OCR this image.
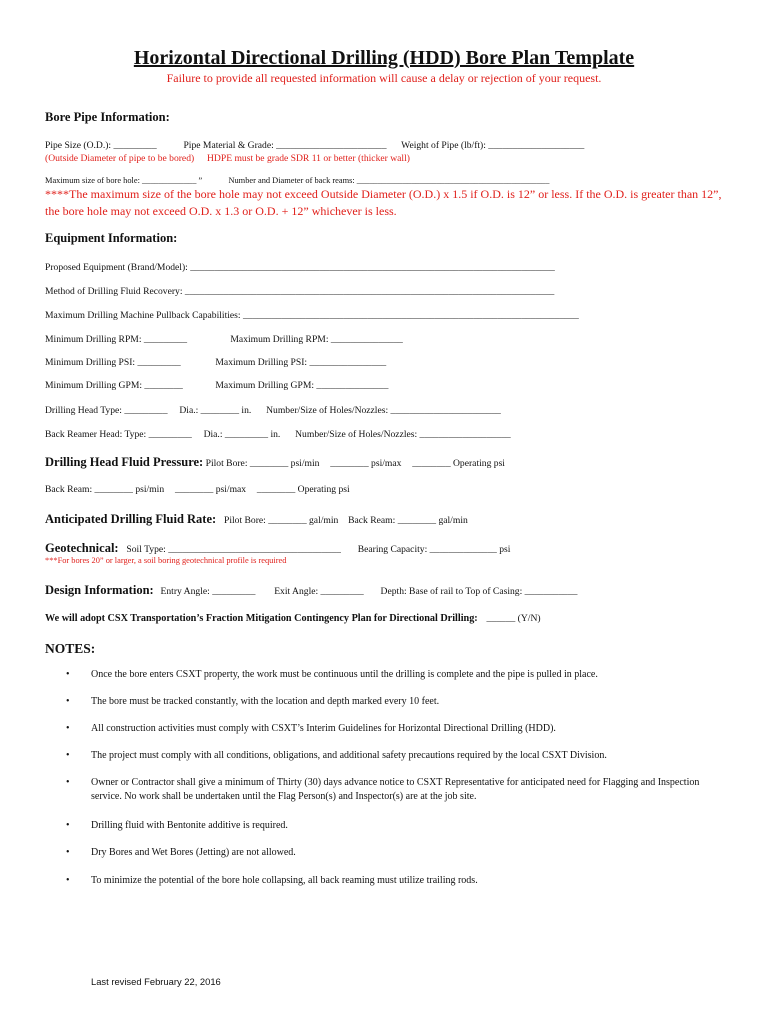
Horizontal Directional Drilling (HDD) Bore Plan Template
Failure to provide all requested information will cause a delay or rejection of your request.
Bore Pipe Information:
Pipe Size (O.D.): _________	Pipe Material & Grade: _______________________ Weight of Pipe (lb/ft): ____________________
(Outside Diameter of pipe to be bored) HDPE must be grade SDR 11 or better (thicker wall)
Maximum size of bore hole: _____________ ”	Number and Diameter of back reams: ______________________________________________
****The maximum size of the bore hole may not exceed Outside Diameter (O.D.) x 1.5 if O.D. is 12” or less. If the O.D. is greater than 12”, the bore hole may not exceed O.D. x 1.3 or O.D. + 12” whichever is less.
Equipment Information:
Proposed Equipment (Brand/Model): ____________________________________________________________________________
Method of Drilling Fluid Recovery: _____________________________________________________________________________
Maximum Drilling Machine Pullback Capabilities: ______________________________________________________________________
Minimum Drilling RPM: _________	Maximum Drilling RPM: _______________
Minimum Drilling PSI: _________	Maximum Drilling PSI: ________________
Minimum Drilling GPM: ________	Maximum Drilling GPM: _______________
Drilling Head Type: _________ Dia.: ________ in. Number/Size of Holes/Nozzles: _______________________
Back Reamer Head: Type: _________ Dia.: _________ in. Number/Size of Holes/Nozzles: ___________________
Drilling Head Fluid Pressure: Pilot Bore: ________ psi/min ________ psi/max ________ Operating psi
Back Ream: ________ psi/min ________ psi/max ________ Operating psi
Anticipated Drilling Fluid Rate: Pilot Bore: ________ gal/min Back Ream: ________ gal/min
Geotechnical: Soil Type: ____________________________________ Bearing Capacity: ______________ psi
***For bores 20” or larger, a soil boring geotechnical profile is required
Design Information: Entry Angle: _________ Exit Angle: _________ Depth: Base of rail to Top of Casing: ___________
We will adopt CSX Transportation’s Fraction Mitigation Contingency Plan for Directional Drilling: ______ (Y/N)
NOTES:
• Once the bore enters CSXT property, the work must be continuous until the drilling is complete and the pipe is pulled in place.
• The bore must be tracked constantly, with the location and depth marked every 10 feet.
• All construction activities must comply with CSXT’s Interim Guidelines for Horizontal Directional Drilling (HDD).
• The project must comply with all conditions, obligations, and additional safety precautions required by the local CSXT Division.
• Owner or Contractor shall give a minimum of Thirty (30) days advance notice to CSXT Representative for anticipated need for Flagging and Inspection service. No work shall be undertaken until the Flag Person(s) and Inspector(s) are at the job site.
• Drilling fluid with Bentonite additive is required.
• Dry Bores and Wet Bores (Jetting) are not allowed.
• To minimize the potential of the bore hole collapsing, all back reaming must utilize trailing rods.
Last revised February 22, 2016
